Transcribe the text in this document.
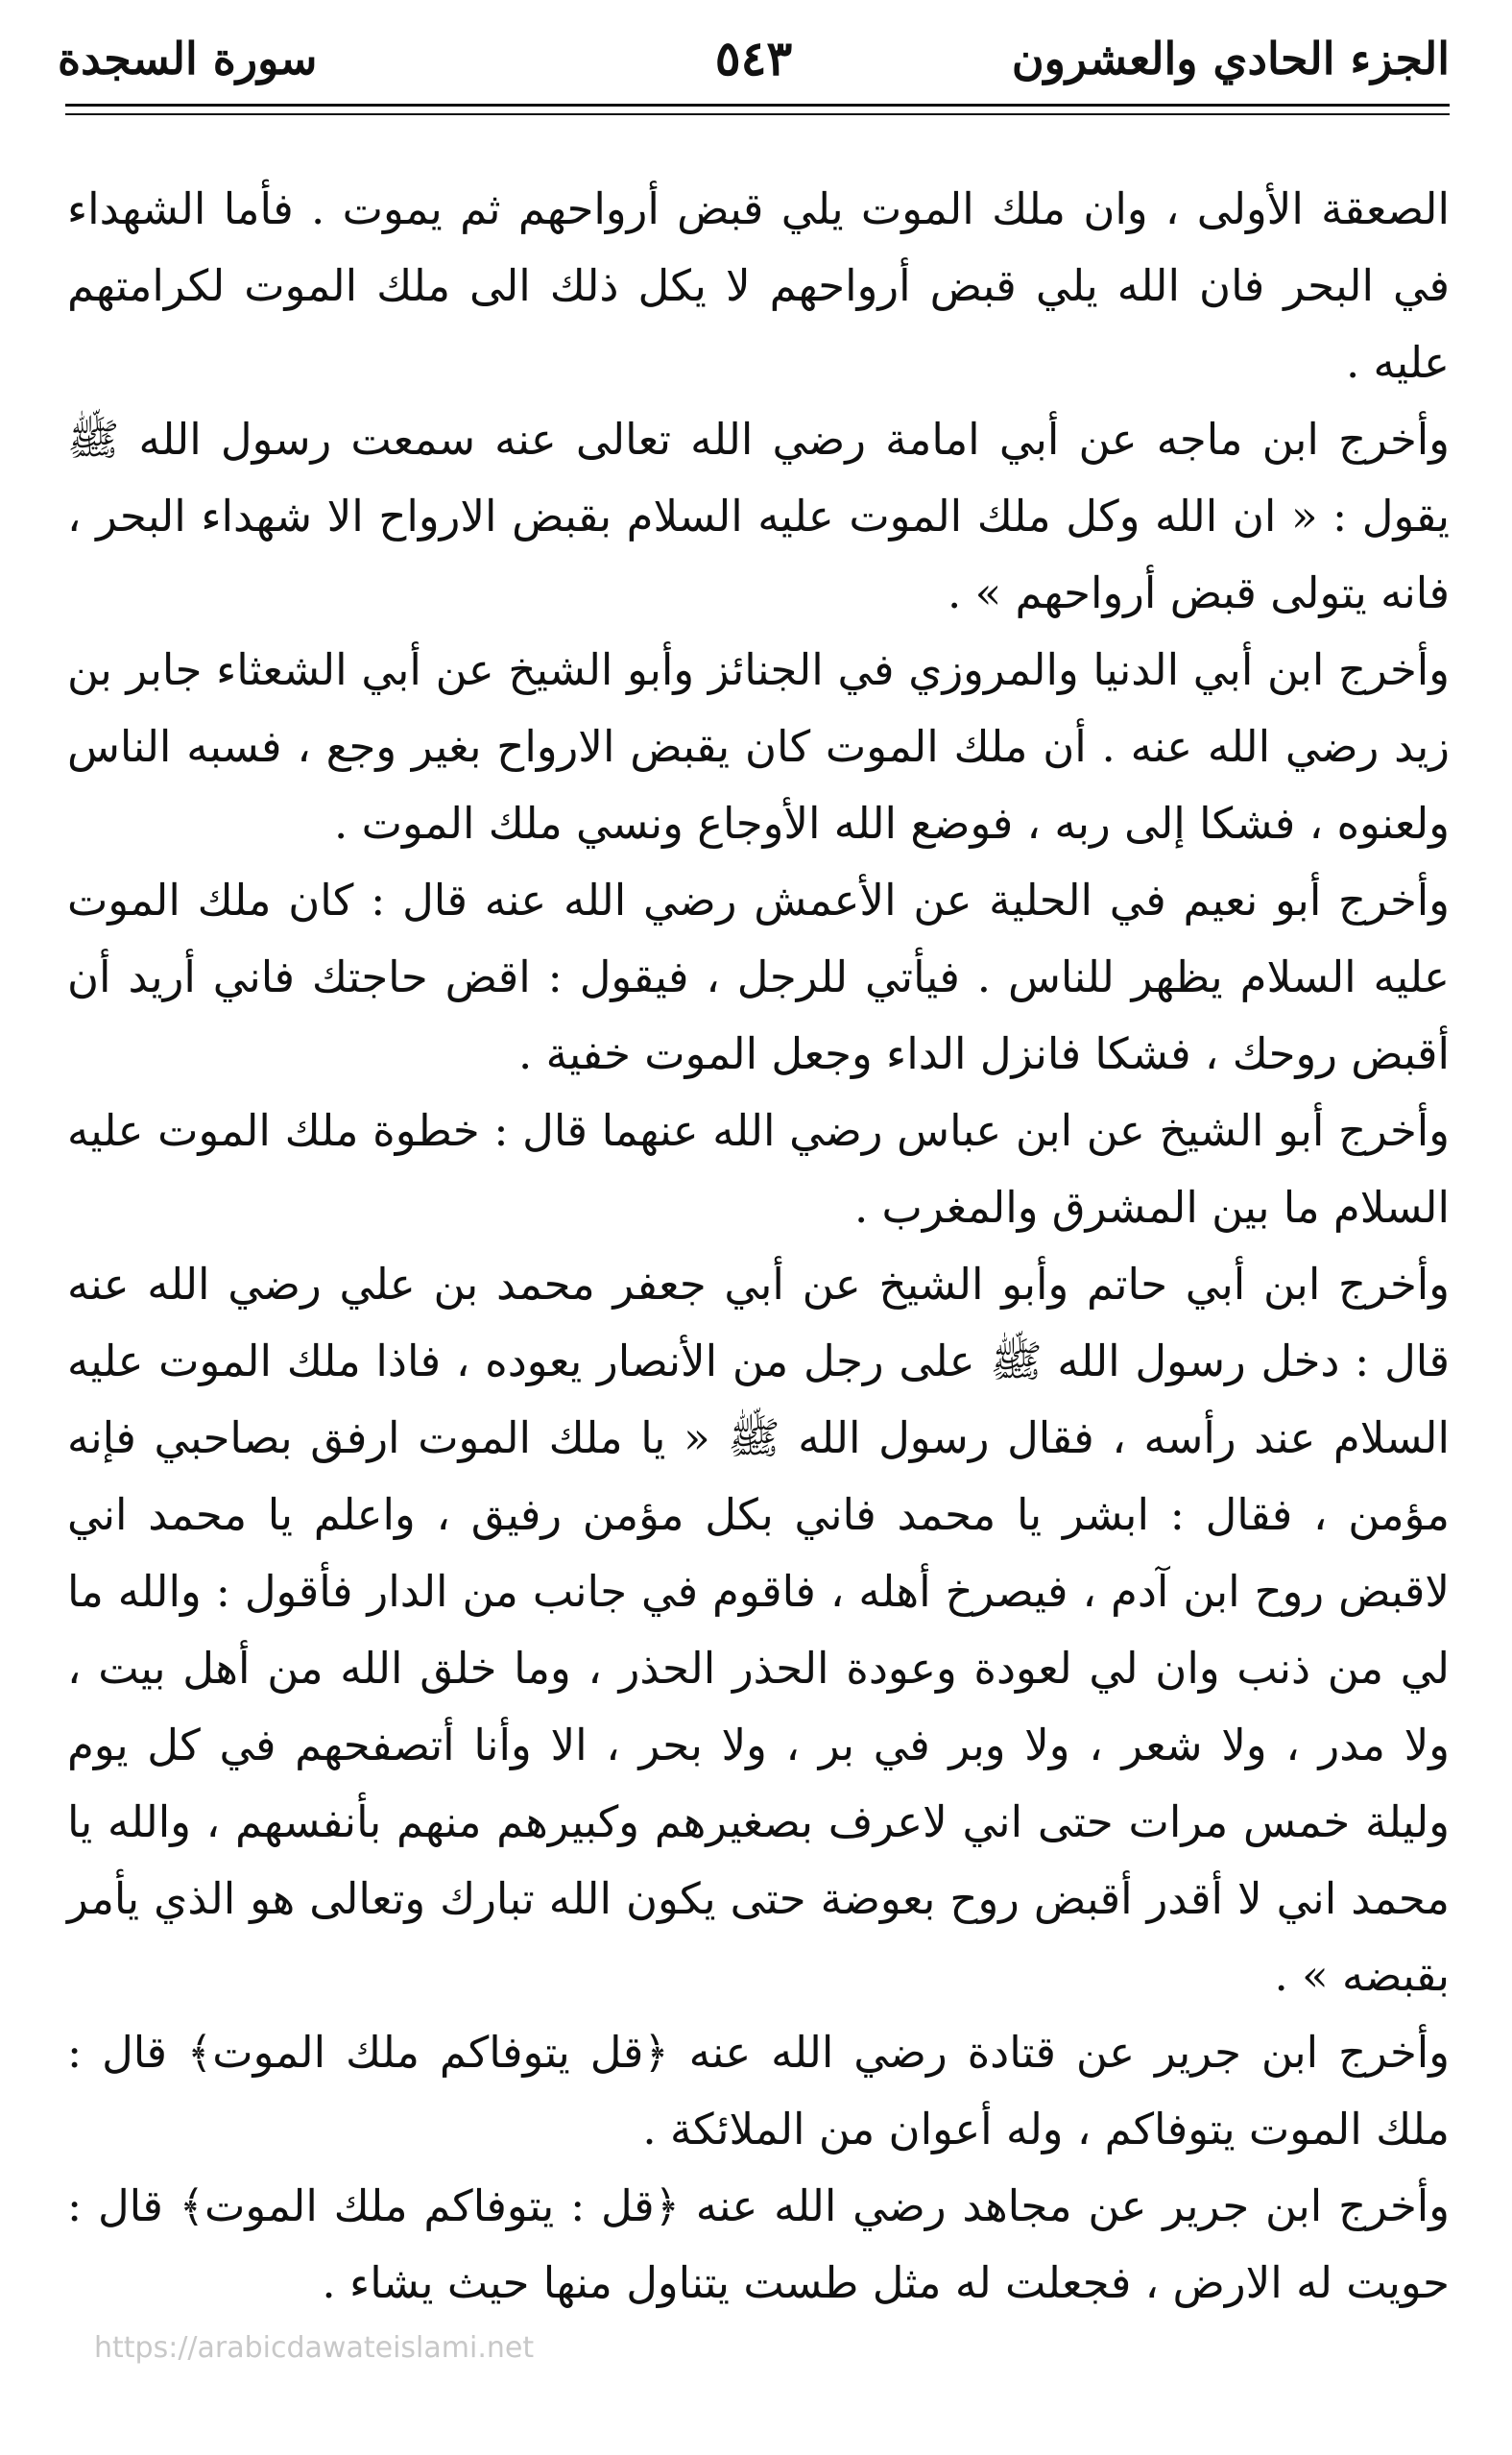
الجزء الحادي والعشرون
٥٤٣
سورة السجدة

الصعقة الأولى ، وان ملك الموت يلي قبض أرواحهم ثم يموت . فأما الشهداء في البحر فان الله يلي قبض أرواحهم لا يكل ذلك الى ملك الموت لكرامتهم عليه .

وأخرج ابن ماجه عن أبي امامة رضي الله تعالى عنه سمعت رسول الله ﷺ يقول : « ان الله وكل ملك الموت عليه السلام بقبض الارواح الا شهداء البحر ، فانه يتولى قبض أرواحهم » .

وأخرج ابن أبي الدنيا والمروزي في الجنائز وأبو الشيخ عن أبي الشعثاء جابر بن زيد رضي الله عنه . أن ملك الموت كان يقبض الارواح بغير وجع ، فسبه الناس ولعنوه ، فشكا إلى ربه ، فوضع الله الأوجاع ونسي ملك الموت .

وأخرج أبو نعيم في الحلية عن الأعمش رضي الله عنه قال : كان ملك الموت عليه السلام يظهر للناس . فيأتي للرجل ، فيقول : اقض حاجتك فاني أريد أن أقبض روحك ، فشكا فانزل الداء وجعل الموت خفية .

وأخرج أبو الشيخ عن ابن عباس رضي الله عنهما قال : خطوة ملك الموت عليه السلام ما بين المشرق والمغرب .

وأخرج ابن أبي حاتم وأبو الشيخ عن أبي جعفر محمد بن علي رضي الله عنه قال : دخل رسول الله ﷺ على رجل من الأنصار يعوده ، فاذا ملك الموت عليه السلام عند رأسه ، فقال رسول الله ﷺ « يا ملك الموت ارفق بصاحبي فإنه مؤمن ، فقال : ابشر يا محمد فاني بكل مؤمن رفيق ، واعلم يا محمد اني لاقبض روح ابن آدم ، فيصرخ أهله ، فاقوم في جانب من الدار فأقول : والله ما لي من ذنب وان لي لعودة وعودة الحذر الحذر ، وما خلق الله من أهل بيت ، ولا مدر ، ولا شعر ، ولا وبر في بر ، ولا بحر ، الا وأنا أتصفحهم في كل يوم وليلة خمس مرات حتى اني لاعرف بصغيرهم وكبيرهم منهم بأنفسهم ، والله يا محمد اني لا أقدر أقبض روح بعوضة حتى يكون الله تبارك وتعالى هو الذي يأمر بقبضه » .

وأخرج ابن جرير عن قتادة رضي الله عنه ﴿قل يتوفاكم ملك الموت﴾ قال : ملك الموت يتوفاكم ، وله أعوان من الملائكة .

وأخرج ابن جرير عن مجاهد رضي الله عنه ﴿قل : يتوفاكم ملك الموت﴾ قال : حويت له الارض ، فجعلت له مثل طست يتناول منها حيث يشاء .

https://arabicdawateislami.net
